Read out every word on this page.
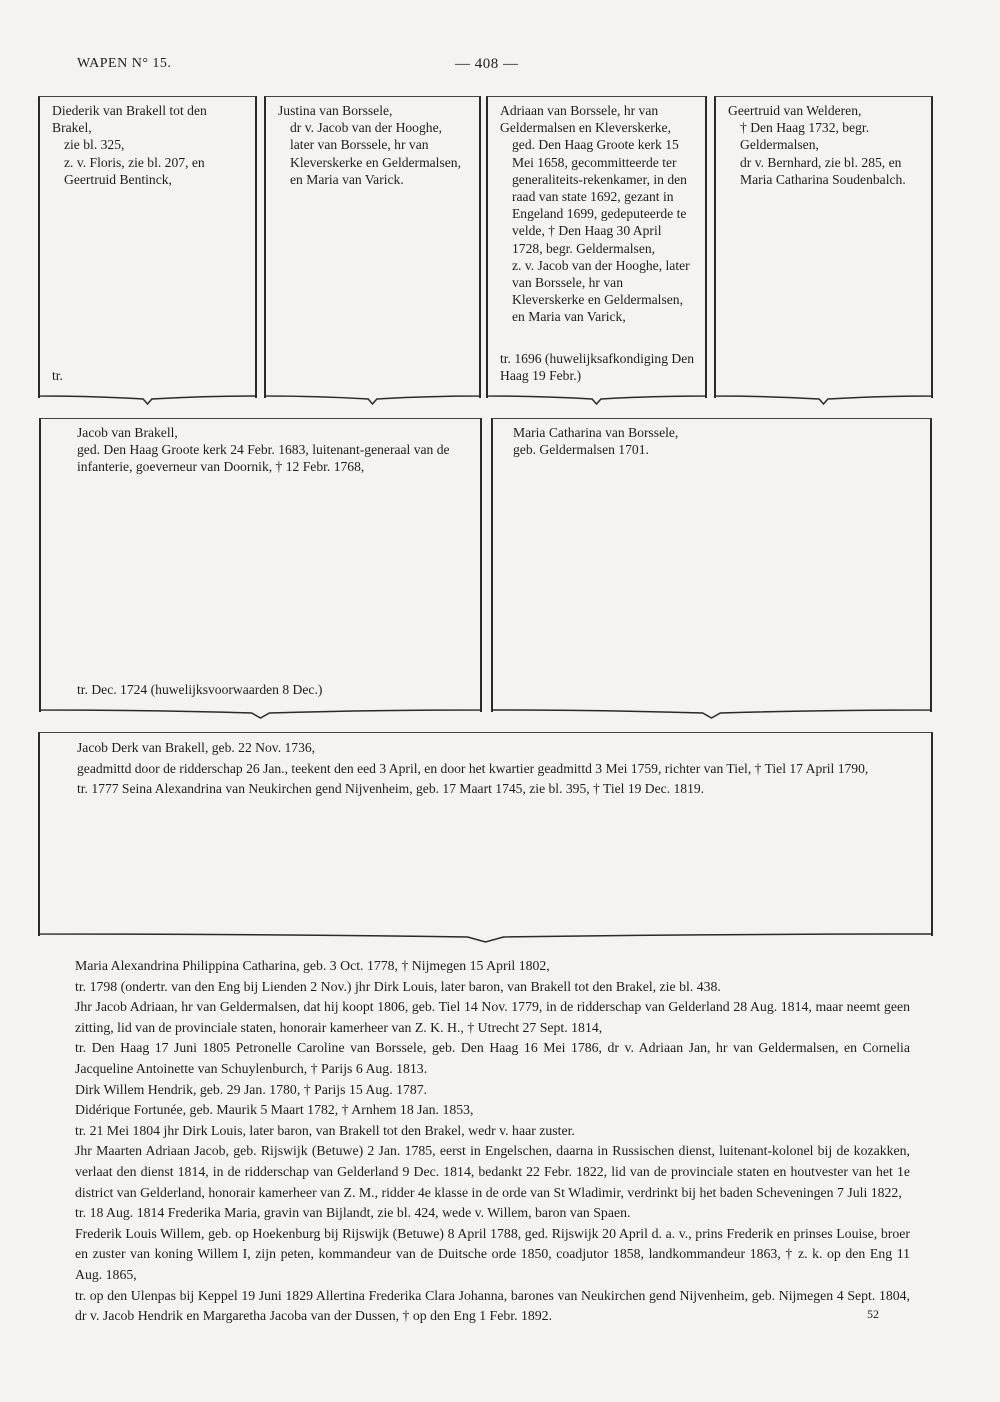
WAPEN N° 15.	— 408 —

Diederik van Brakell tot den Brakel,

zie bl. 325,

z. v. Floris, zie bl. 207, en Geertruid Bentinck,

tr.

Justina van Borssele,

dr v. Jacob van der Hooghe, later van Borssele, hr van Kleverskerke en Geldermalsen, en Maria van Varick.

Adriaan van Borssele, hr van Geldermalsen en Kleverskerke,

ged. Den Haag Groote kerk 15 Mei 1658, gecommitteerde ter generaliteits-rekenkamer, in den raad van state 1692, gezant in Engeland 1699, gedeputeerde te velde, † Den Haag 30 April 1728, begr. Geldermalsen,

z. v. Jacob van der Hooghe, later van Borssele, hr van Kleverskerke en Geldermalsen, en Maria van Varick,

tr. 1696 (huwelijksafkondiging Den Haag 19 Febr.)

Geertruid van Welderen,

† Den Haag 1732, begr. Geldermalsen,

dr v. Bernhard, zie bl. 285, en Maria Catharina Soudenbalch.

Jacob van Brakell,

ged. Den Haag Groote kerk 24 Febr. 1683, luitenant-generaal van de infanterie, goeverneur van Doornik, † 12 Febr. 1768,

tr. Dec. 1724 (huwelijksvoorwaarden 8 Dec.)

Maria Catharina van Borssele,

geb. Geldermalsen 1701.

Jacob Derk van Brakell, geb. 22 Nov. 1736,

geadmittd door de ridderschap 26 Jan., teekent den eed 3 April, en door het kwartier geadmittd 3 Mei 1759, richter van Tiel, † Tiel 17 April 1790,

tr. 1777 Seina Alexandrina van Neukirchen gend Nijvenheim, geb. 17 Maart 1745, zie bl. 395, † Tiel 19 Dec. 1819.

Maria Alexandrina Philippina Catharina, geb. 3 Oct. 1778, † Nijmegen 15 April 1802,

tr. 1798 (ondertr. van den Eng bij Lienden 2 Nov.) jhr Dirk Louis, later baron, van Brakell tot den Brakel, zie bl. 438.

Jhr Jacob Adriaan, hr van Geldermalsen, dat hij koopt 1806, geb. Tiel 14 Nov. 1779, in de ridderschap van Gelderland 28 Aug. 1814, maar neemt geen zitting, lid van de provinciale staten, honorair kamerheer van Z. K. H., † Utrecht 27 Sept. 1814,

tr. Den Haag 17 Juni 1805 Petronelle Caroline van Borssele, geb. Den Haag 16 Mei 1786, dr v. Adriaan Jan, hr van Geldermalsen, en Cornelia Jacqueline Antoinette van Schuylenburch, † Parijs 6 Aug. 1813.

Dirk Willem Hendrik, geb. 29 Jan. 1780, † Parijs 15 Aug. 1787.

Didérique Fortunée, geb. Maurik 5 Maart 1782, † Arnhem 18 Jan. 1853,

tr. 21 Mei 1804 jhr Dirk Louis, later baron, van Brakell tot den Brakel, wedr v. haar zuster.

Jhr Maarten Adriaan Jacob, geb. Rijswijk (Betuwe) 2 Jan. 1785, eerst in Engelschen, daarna in Russischen dienst, luitenant-kolonel bij de kozakken, verlaat den dienst 1814, in de ridderschap van Gelderland 9 Dec. 1814, bedankt 22 Febr. 1822, lid van de provinciale staten en houtvester van het 1e district van Gelderland, honorair kamerheer van Z. M., ridder 4e klasse in de orde van St Wladimir, verdrinkt bij het baden Scheveningen 7 Juli 1822,

tr. 18 Aug. 1814 Frederika Maria, gravin van Bijlandt, zie bl. 424, wede v. Willem, baron van Spaen.

Frederik Louis Willem, geb. op Hoekenburg bij Rijswijk (Betuwe) 8 April 1788, ged. Rijswijk 20 April d. a. v., prins Frederik en prinses Louise, broer en zuster van koning Willem I, zijn peten, kommandeur van de Duitsche orde 1850, coadjutor 1858, landkommandeur 1863, † z. k. op den Eng 11 Aug. 1865,

tr. op den Ulenpas bij Keppel 19 Juni 1829 Allertina Frederika Clara Johanna, barones van Neukirchen gend Nijvenheim, geb. Nijmegen 4 Sept. 1804, dr v. Jacob Hendrik en Margaretha Jacoba van der Dussen, † op den Eng 1 Febr. 1892.	52
